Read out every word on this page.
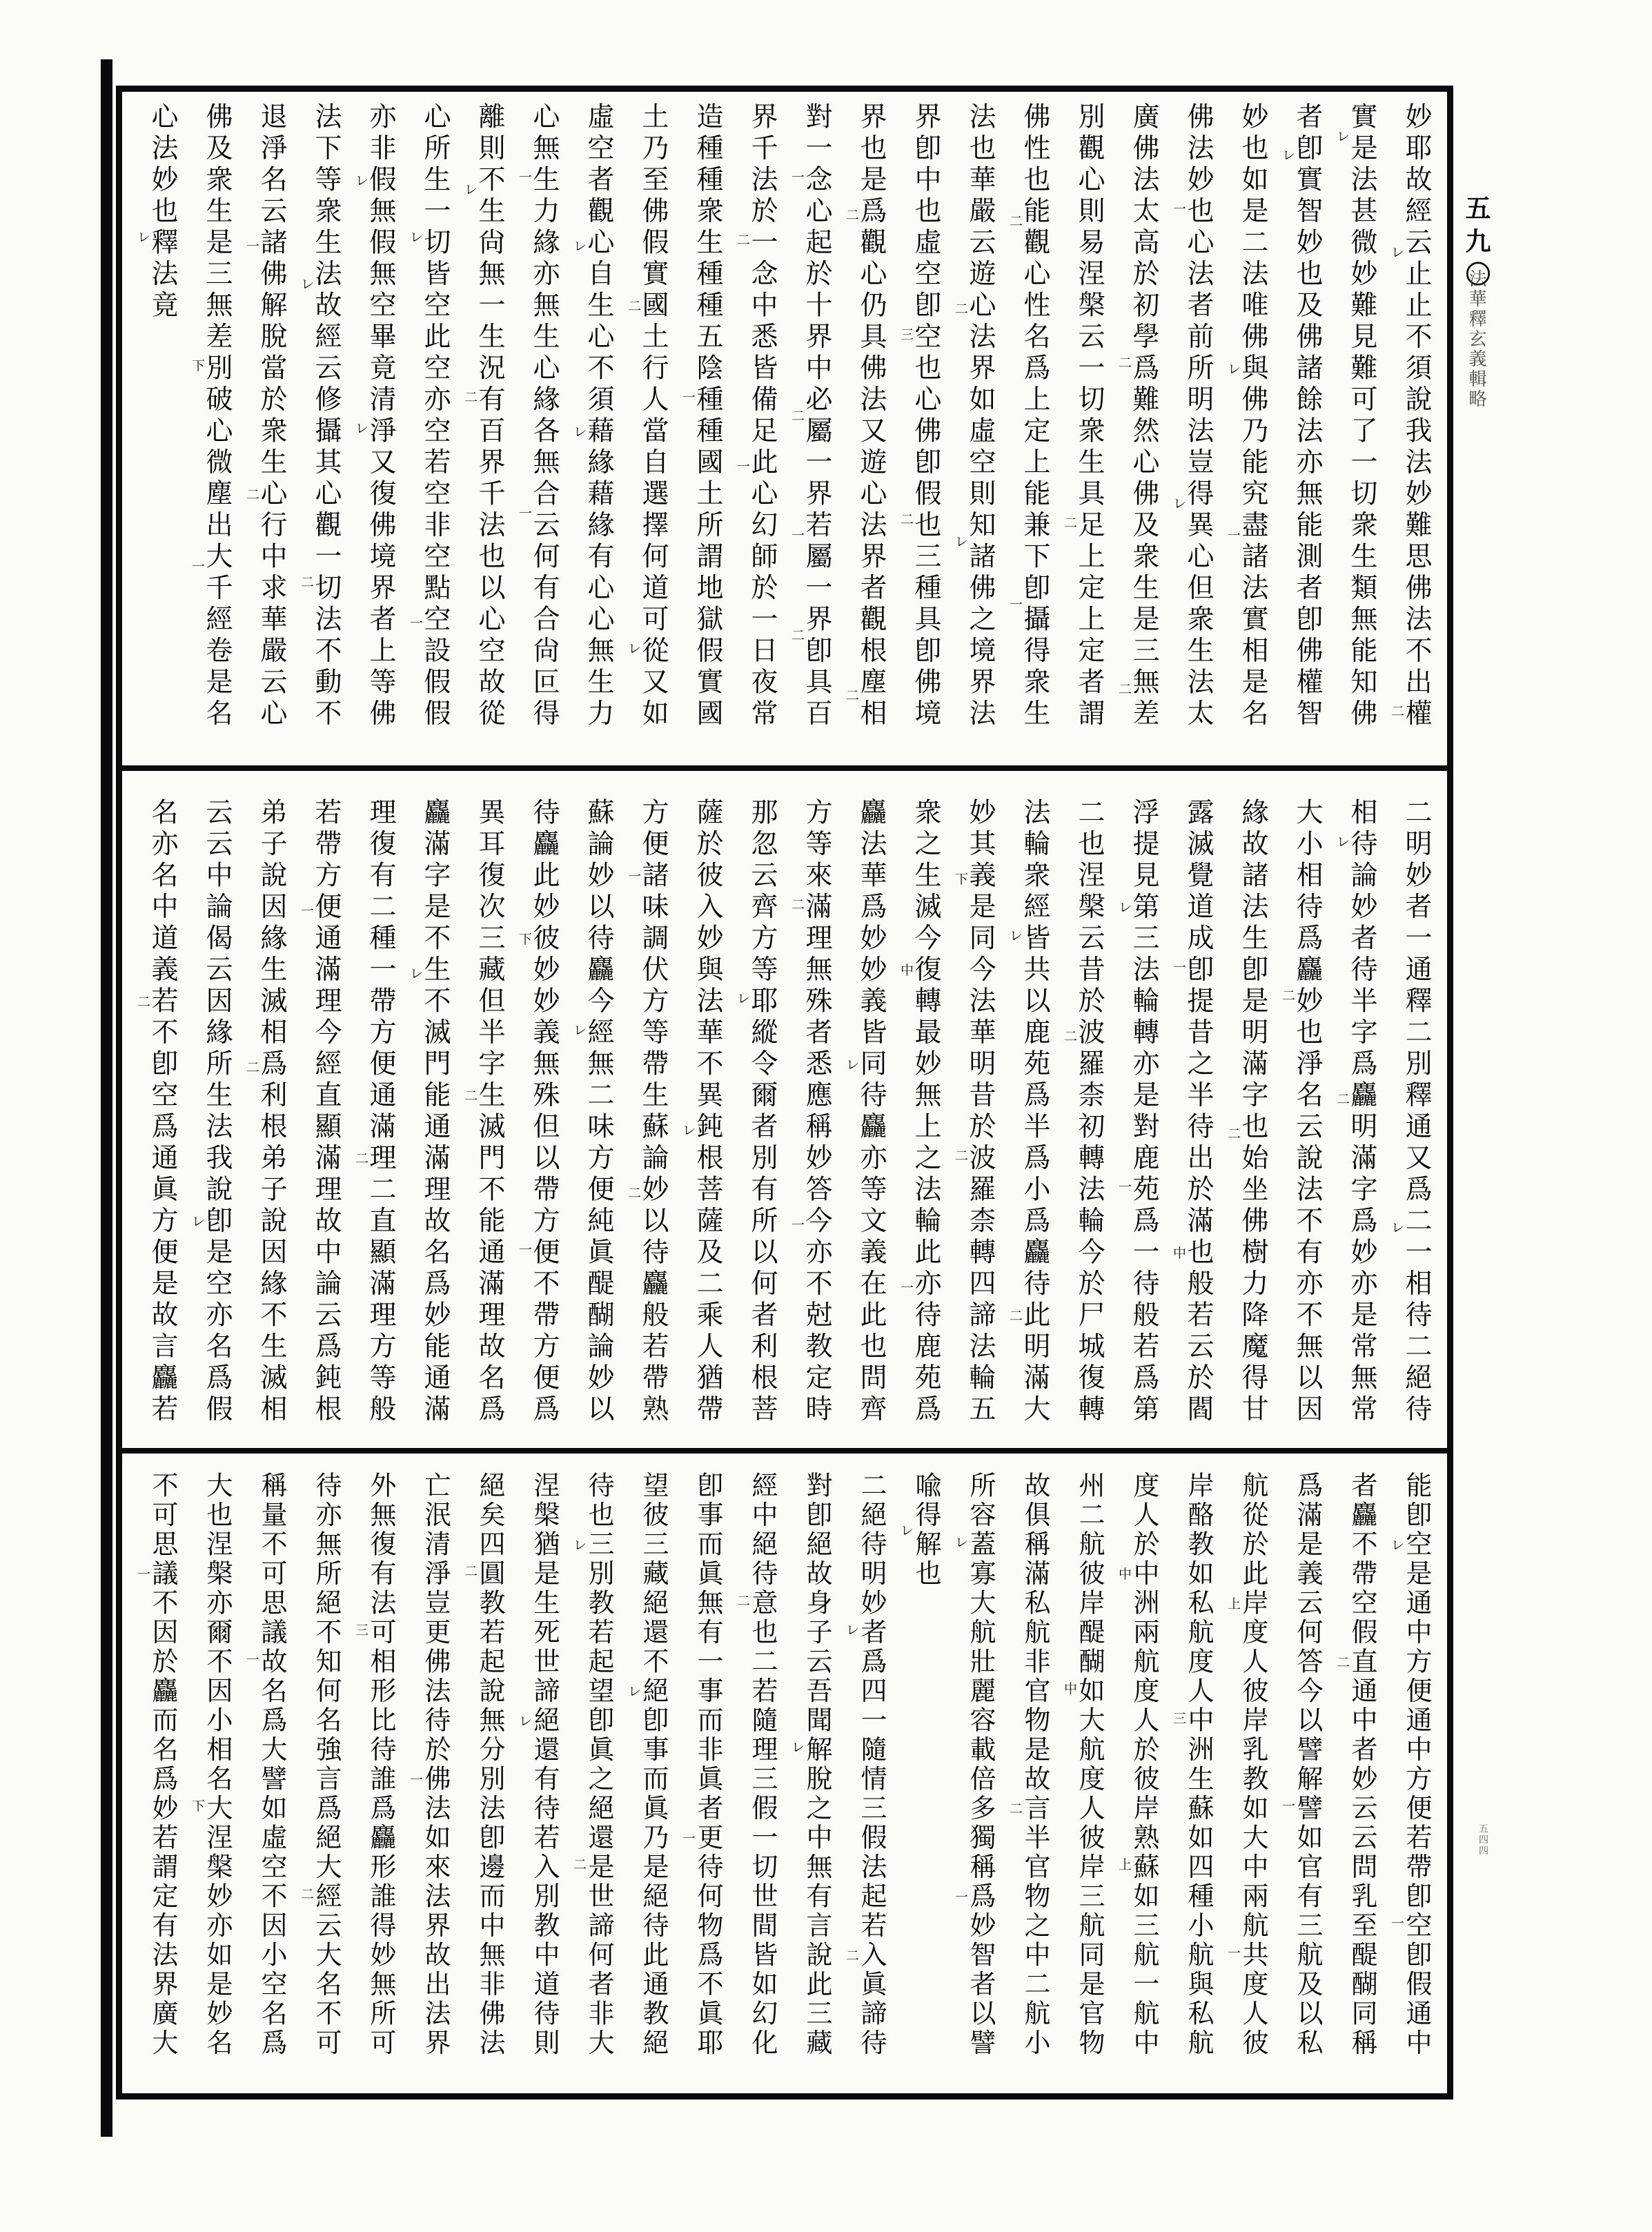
妙耶故經云止止不須說我法妙難思佛法不出權
實是法甚微妙難見難可了一切衆生類無能知佛
者卽實智妙也及佛諸餘法亦無能測者卽佛權智
妙也如是二法唯佛與佛乃能究盡諸法實相是名
佛法妙也心法者前所明法豈得異心但衆生法太
廣佛法太高於初學爲難然心佛及衆生是三無差
別觀心則易涅槃云一切衆生具足上定上定者謂
佛性也能觀心性名爲上定上能兼下卽攝得衆生
法也華嚴云遊心法界如虛空則知諸佛之境界法
界卽中也虛空卽空也心佛卽假也三種具卽佛境
界也是爲觀心仍具佛法又遊心法界者觀根塵相
對一念心起於十界中必屬一界若屬一界卽具百
界千法於一念中悉皆備足此心幻師於一日夜常
造種種衆生種種五陰種種國土所謂地獄假實國
土乃至佛假實國土行人當自選擇何道可從又如
虛空者觀心自生心不須藉緣藉緣有心心無生力
心無生力緣亦無生心緣各無合云何有合尙叵得
離則不生尙無一生況有百界千法也以心空故從
心所生一切皆空此空亦空若空非空點空設假假
亦非假無假無空畢竟清淨又復佛境界者上等佛
法下等衆生法故經云修攝其心觀一切法不動不
退淨名云諸佛解脫當於衆生心行中求華嚴云心
佛及衆生是三無差別破心微塵出大千經卷是名
心法妙也釋法竟
二明妙者一通釋二別釋通又爲二一相待二絕待
相待論妙者待半字爲麤明滿字爲妙亦是常無常
大小相待爲麤妙也淨名云說法不有亦不無以因
緣故諸法生卽是明滿字也始坐佛樹力降魔得甘
露滅覺道成卽提昔之半待出於滿也般若云於閻
浮提見第三法輪轉亦是對鹿苑爲一待般若爲第
二也涅槃云昔於波羅柰初轉法輪今於尸城復轉
法輪衆經皆共以鹿苑爲半爲小爲麤待此明滿大
妙其義是同今法華明昔於波羅柰轉四諦法輪五
衆之生滅今復轉最妙無上之法輪此亦待鹿苑爲
麤法華爲妙妙義皆同待麤亦等文義在此也問齊
方等來滿理無殊者悉應稱妙答今亦不尅教定時
那忽云齊方等耶縱令爾者別有所以何者利根菩
薩於彼入妙與法華不異鈍根菩薩及二乘人猶帶
方便諸味調伏方等帶生蘇論妙以待麤般若帶熟
蘇論妙以待麤今經無二味方便純眞醍醐論妙以
待麤此妙彼妙妙義無殊但以帶方便不帶方便爲
異耳復次三藏但半字生滅門不能通滿理故名爲
麤滿字是不生不滅門能通滿理故名爲妙能通滿
理復有二種一帶方便通滿理二直顯滿理方等般
若帶方便通滿理今經直顯滿理故中論云爲鈍根
弟子說因緣生滅相爲利根弟子說因緣不生滅相
云云中論偈云因緣所生法我說卽是空亦名爲假
名亦名中道義若不卽空爲通眞方便是故言麤若
能卽空是通中方便通中方便若帶卽空卽假通中
者麤不帶空假直通中者妙云云問乳至醍醐同稱
爲滿是義云何答今以譬解譬如官有三航及以私
航從於此岸度人彼岸乳教如大中兩航共度人彼
岸酪教如私航度人中洲生蘇如四種小航與私航
度人於中洲兩航度人於彼岸熟蘇如三航一航中
州二航彼岸醍醐如大航度人彼岸三航同是官物
故俱稱滿私航非官物是故言半官物之中二航小
所容蓋寡大航壯麗容載倍多獨稱爲妙智者以譬
喩得解也
二絕待明妙者爲四一隨情三假法起若入眞諦待
對卽絕故身子云吾聞解脫之中無有言說此三藏
經中絕待意也二若隨理三假一切世間皆如幻化
卽事而眞無有一事而非眞者更待何物爲不眞耶
望彼三藏絕還不絕卽事而眞乃是絕待此通教絕
待也三別教若起望卽眞之絕還是世諦何者非大
涅槃猶是生死世諦絕還有待若入別教中道待則
絕矣四圓教若起說無分別法卽邊而中無非佛法
亡泯清淨豈更佛法待於佛法如來法界故出法界
外無復有法可相形比待誰爲麤形誰得妙無所可
待亦無所絕不知何名強言爲絕大經云大名不可
稱量不可思議故名爲大譬如虛空不因小空名爲
大也涅槃亦爾不因小相名大涅槃妙亦如是妙名
不可思議不因於麤而名爲妙若謂定有法界廣大
レ
二
レ
レ
レ
一
一
レ
二
二
二
二
一
二
レ
三
二
二
二
一
二
一
二
二
一
一
二
レ
レ
レ
一
一
レ
二
レ
一
レ
レ
レ
二
一
二
下
一
レ
レ
レ
二
二
二
一
中
レ
一
二
レ
二
下
二
中
一
レ
二
一
レ
レ
一
二
レ
下
一
二
レ
二
一
二
レ
二
レ
一
二
一
上
一
三
中
上
中
二
レ
一
レ
レ
二
レ
二
一
レ
レ
二
レ
二
一
三
二
一
下
一
五九〇
法華釋玄義輯略
五四四
